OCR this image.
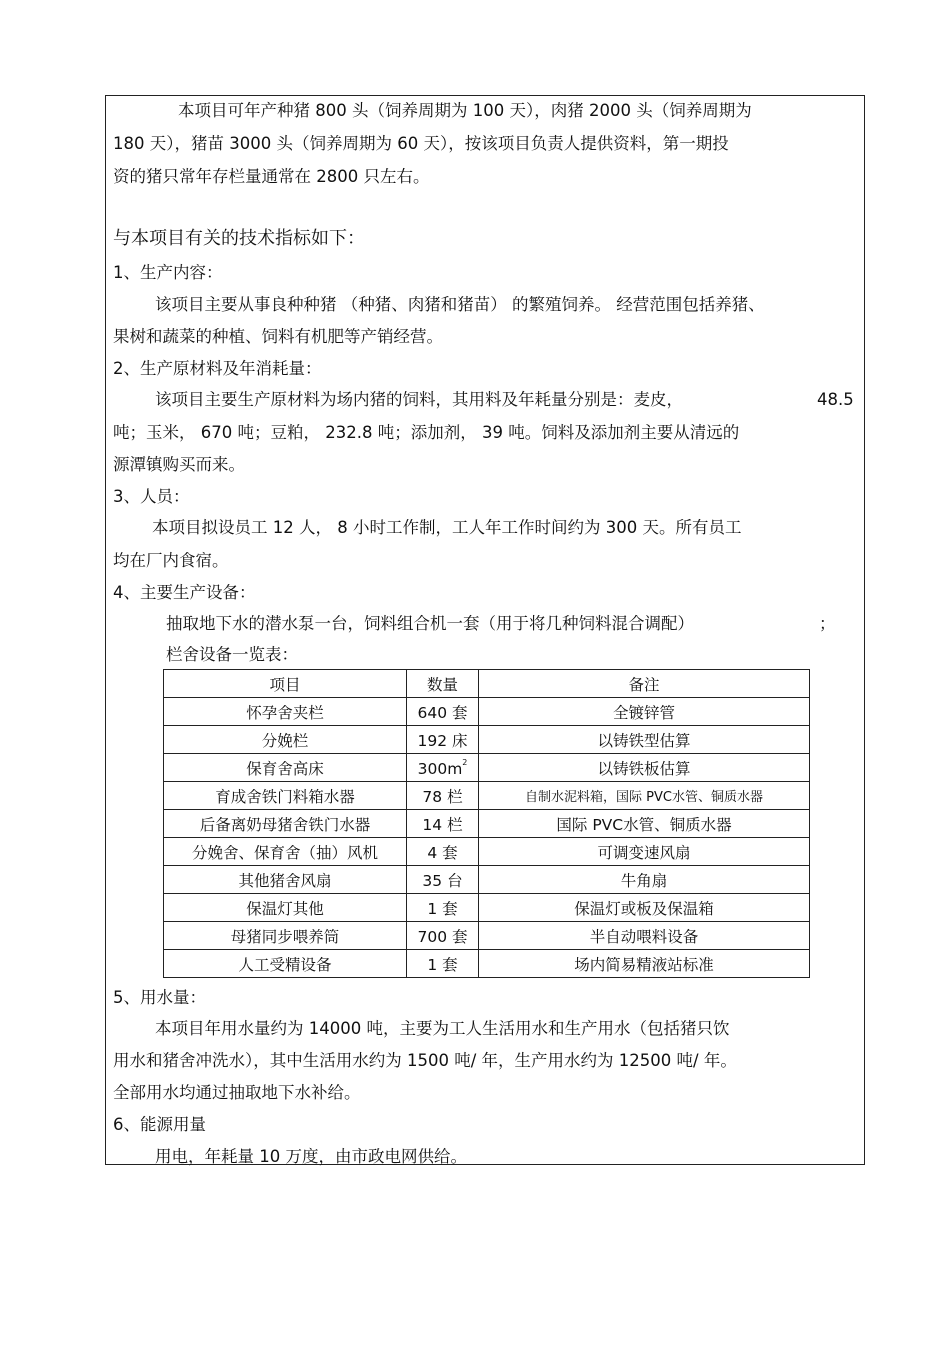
本项目可年产种猪 800 头（饲养周期为 100 天），肉猪 2000 头（饲养周期为
180 天），猪苗 3000 头（饲养周期为 60 天），按该项目负责人提供资料，第一期投
资的猪只常年存栏量通常在 2800 只左右。
与本项目有关的技术指标如下：
1、生产内容：
该项目主要从事良种种猪 （种猪、肉猪和猪苗） 的繁殖饲养。 经营范围包括养猪、
果树和蔬菜的种植、饲料有机肥等产销经营。
2、生产原材料及年消耗量：
该项目主要生产原材料为场内猪的饲料，其用料及年耗量分别是：麦皮，	48.5
吨；玉米， 670 吨；豆粕， 232.8 吨；添加剂， 39 吨。饲料及添加剂主要从清远的
源潭镇购买而来。
3、人员：
本项目拟设员工 12 人， 8 小时工作制，工人年工作时间约为 300 天。所有员工
均在厂内食宿。
4、主要生产设备：
抽取地下水的潜水泵一台，饲料组合机一套（用于将几种饲料混合调配）	；
栏舍设备一览表：
项目	数量	备注
怀孕舍夹栏	640 套	全镀锌管
分娩栏	192 床	以铸铁型估算
保育舍高床	$300m^2$	以铸铁板估算
育成舍铁门料箱水器	78 栏	自制水泥料箱，国际 PVC水管、铜质水器
后备离奶母猪舍铁门水器	14 栏	国际 PVC水管、铜质水器
分娩舍、保育舍（抽）风机	4 套	可调变速风扇
其他猪舍风扇	35 台	牛角扇
保温灯其他	1 套	保温灯或板及保温箱
母猪同步喂养筒	700 套	半自动喂料设备
人工受精设备	1 套	场内简易精液站标准
5、用水量：
本项目年用水量约为 14000 吨，主要为工人生活用水和生产用水（包括猪只饮
用水和猪舍冲洗水），其中生活用水约为 1500 吨/ 年，生产用水约为 12500 吨/ 年。
全部用水均通过抽取地下水补给。
6、能源用量
用电，年耗量 10 万度，由市政电网供给。
